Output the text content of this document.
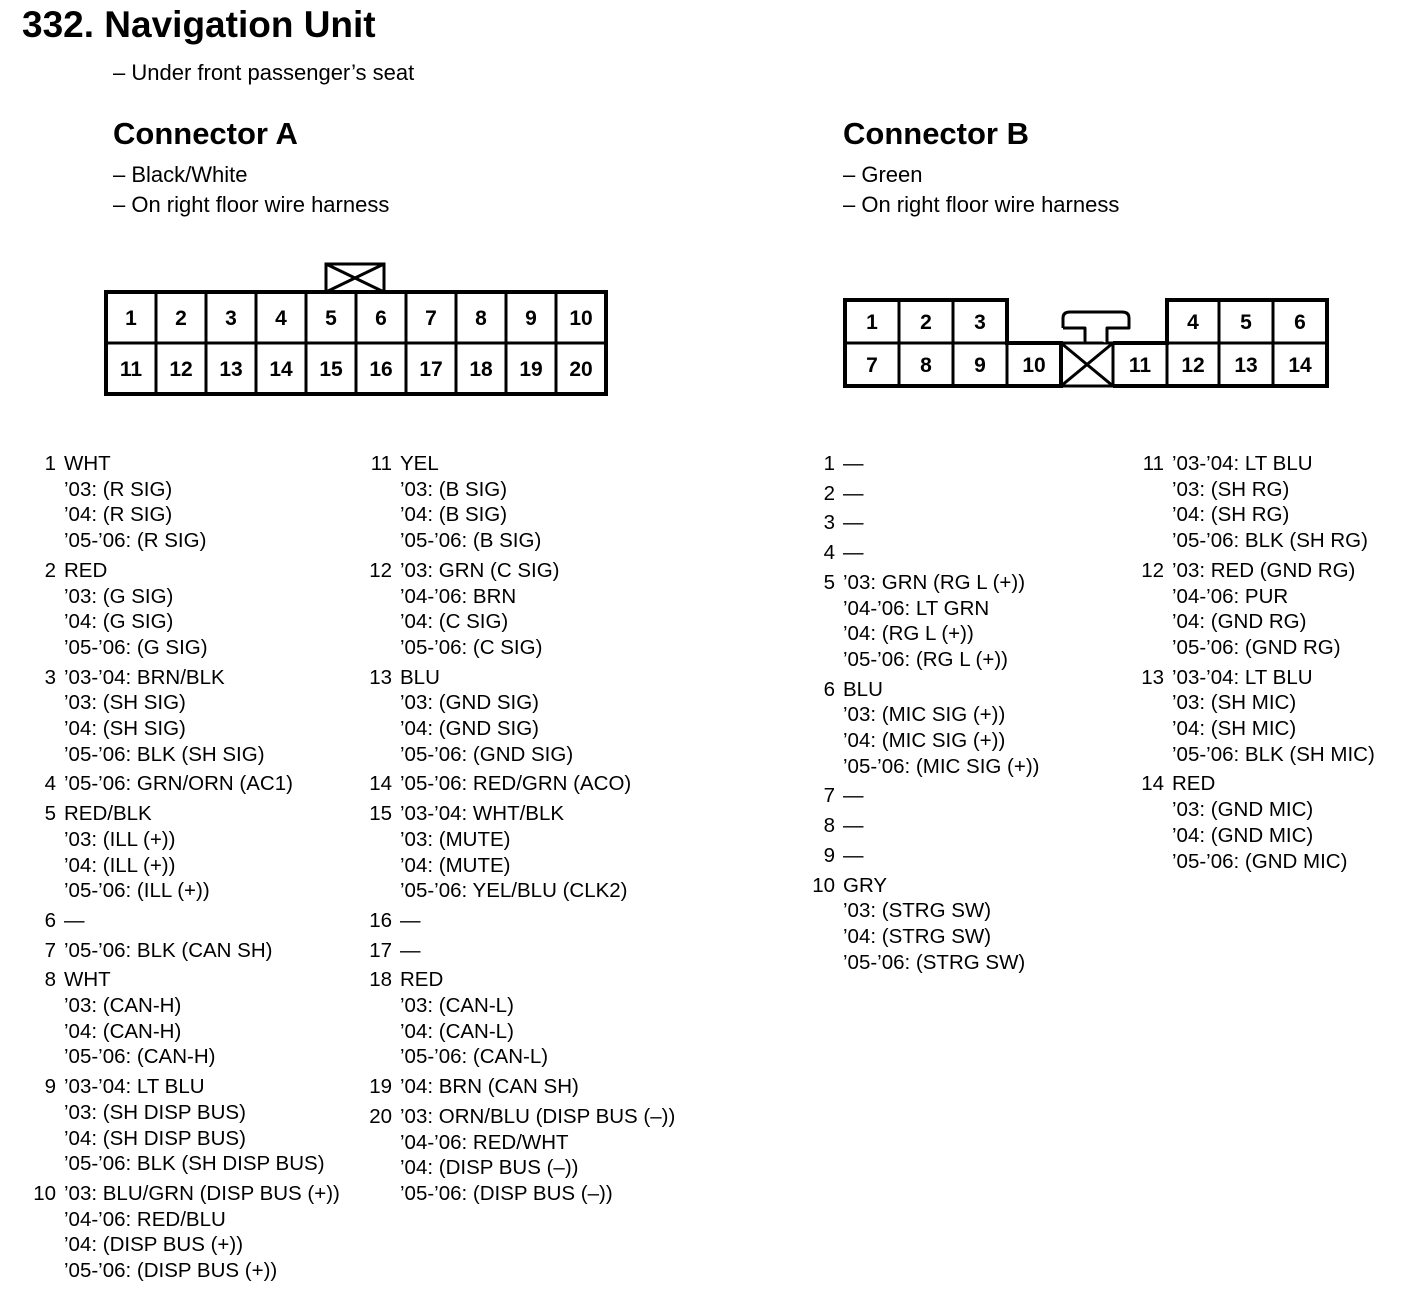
332. Navigation Unit
– Under front passenger’s seat
Connector A
– Black/White
– On right floor wire harness
Connector B
– Green
– On right floor wire harness
1 2 3 4 5 6 7 8 9 10
11 12 13 14 15 16 17 18 19 20
1 2 3	4 5 6
7 8 9 10	11 12 13 14
1 WHT
’03: (R SIG)
’04: (R SIG)
’05-’06: (R SIG)
2 RED
’03: (G SIG)
’04: (G SIG)
’05-’06: (G SIG)
3 ’03-’04: BRN/BLK
’03: (SH SIG)
’04: (SH SIG)
’05-’06: BLK (SH SIG)
4 ’05-’06: GRN/ORN (AC1)
5 RED/BLK
’03: (ILL (+))
’04: (ILL (+))
’05-’06: (ILL (+))
6 —
7 ’05-’06: BLK (CAN SH)
8 WHT
’03: (CAN-H)
’04: (CAN-H)
’05-’06: (CAN-H)
9 ’03-’04: LT BLU
’03: (SH DISP BUS)
’04: (SH DISP BUS)
’05-’06: BLK (SH DISP BUS)
10 ’03: BLU/GRN (DISP BUS (+))
’04-’06: RED/BLU
’04: (DISP BUS (+))
’05-’06: (DISP BUS (+))
11 YEL
’03: (B SIG)
’04: (B SIG)
’05-’06: (B SIG)
12 ’03: GRN (C SIG)
’04-’06: BRN
’04: (C SIG)
’05-’06: (C SIG)
13 BLU
’03: (GND SIG)
’04: (GND SIG)
’05-’06: (GND SIG)
14 ’05-’06: RED/GRN (ACO)
15 ’03-’04: WHT/BLK
’03: (MUTE)
’04: (MUTE)
’05-’06: YEL/BLU (CLK2)
16 —
17 —
18 RED
’03: (CAN-L)
’04: (CAN-L)
’05-’06: (CAN-L)
19 ’04: BRN (CAN SH)
20 ’03: ORN/BLU (DISP BUS (–))
’04-’06: RED/WHT
’04: (DISP BUS (–))
’05-’06: (DISP BUS (–))
1 —
2 —
3 —
4 —
5 ’03: GRN (RG L (+))
’04-’06: LT GRN
’04: (RG L (+))
’05-’06: (RG L (+))
6 BLU
’03: (MIC SIG (+))
’04: (MIC SIG (+))
’05-’06: (MIC SIG (+))
7 —
8 —
9 —
10 GRY
’03: (STRG SW)
’04: (STRG SW)
’05-’06: (STRG SW)
11 ’03-’04: LT BLU
’03: (SH RG)
’04: (SH RG)
’05-’06: BLK (SH RG)
12 ’03: RED (GND RG)
’04-’06: PUR
’04: (GND RG)
’05-’06: (GND RG)
13 ’03-’04: LT BLU
’03: (SH MIC)
’04: (SH MIC)
’05-’06: BLK (SH MIC)
14 RED
’03: (GND MIC)
’04: (GND MIC)
’05-’06: (GND MIC)
